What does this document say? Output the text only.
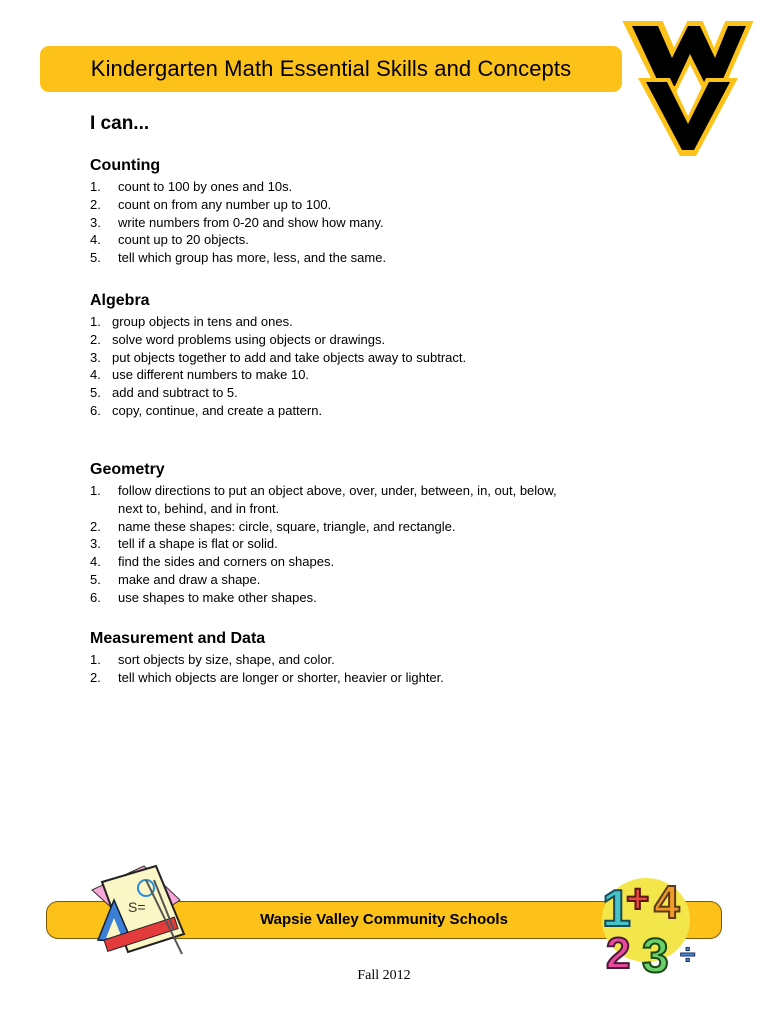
Kindergarten Math Essential Skills and Concepts
I can...
Counting
1. count to 100 by ones and 10s.
2. count on from any number up to 100.
3. write numbers from 0-20 and show how many.
4. count up to 20 objects.
5. tell which group has more, less, and the same.
Algebra
1. group objects in tens and ones.
2. solve word problems using objects or drawings.
3. put objects together to add and take objects away to subtract.
4. use different numbers to make 10.
5. add and subtract to 5.
6. copy, continue, and create a pattern.
Geometry
1. follow directions to put an object above, over, under, between, in, out, below, next to, behind, and in front.
2. name these shapes: circle, square, triangle, and rectangle.
3. tell if a shape is flat or solid.
4. find the sides and corners on shapes.
5. make and draw a shape.
6. use shapes to make other shapes.
Measurement and Data
1. sort objects by size, shape, and color.
2. tell which objects are longer or shorter, heavier or lighter.
Wapsie Valley Community Schools
S=	1
+ 4
2 3 ÷
Fall 2012
